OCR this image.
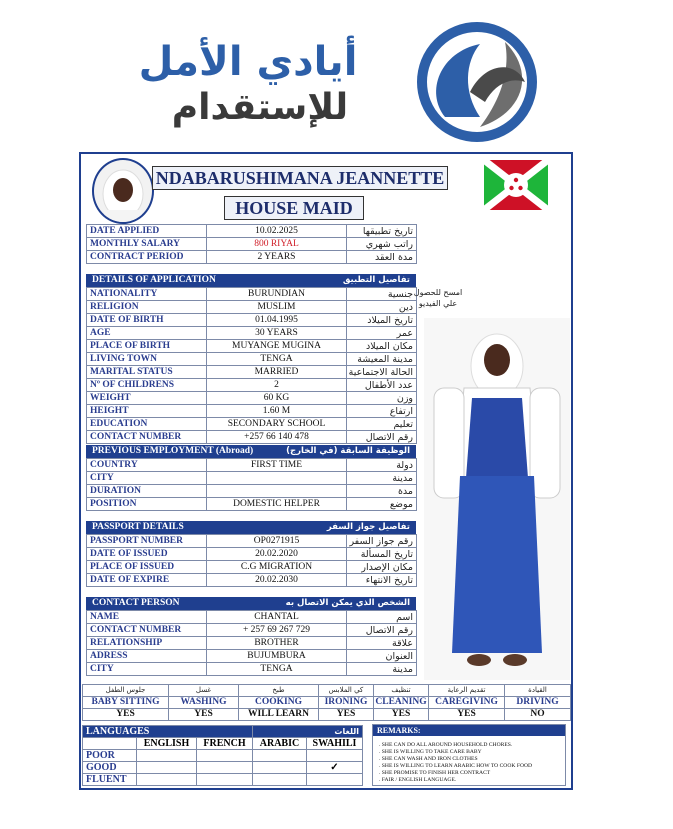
أيادي الأمل
للإستقدام
NDABARUSHIMANA JEANNETTE
HOUSE MAID
DATE APPLIED	10.02.2025	تاريخ تطبيقها
MONTHLY SALARY	800 RIYAL	راتب شهري
CONTRACT PERIOD	2 YEARS	مدة العقد
DETAILS OF APPLICATION	تفاصيل التطبيق
NATIONALITY	BURUNDIAN	جنسية
RELIGION	MUSLIM	دين
DATE OF BIRTH	01.04.1995	تاريخ الميلاد
AGE	30 YEARS	عمر
PLACE OF BIRTH	MUYANGE MUGINA	مكان الميلاد
LIVING TOWN	TENGA	مدينة المعيشة
MARITAL STATUS	MARRIED	الحالة الاجتماعية
Nº OF CHILDRENS	2	عدد الأطفال
WEIGHT	60 KG	وزن
HEIGHT	1.60 M	ارتفاع
EDUCATION	SECONDARY SCHOOL	تعليم
CONTACT NUMBER	+257 66 140 478	رقم الاتصال
امسح للحصول علي الفيديو
PREVIOUS EMPLOYMENT (Abroad)	الوظيفة السابقة (في الخارج)
COUNTRY	FIRST TIME	دولة
CITY		مدينة
DURATION		مدة
POSITION	DOMESTIC HELPER	موضع
PASSPORT DETAILS	تفاصيل جواز السفر
PASSPORT NUMBER	OP0271915	رقم جواز السفر
DATE OF ISSUED	20.02.2020	تاريخ المسألة
PLACE OF ISSUED	C.G MIGRATION	مكان الإصدار
DATE OF EXPIRE	20.02.2030	تاريخ الانتهاء
CONTACT PERSON	الشخص الذي يمكن الاتصال به
NAME	CHANTAL	اسم
CONTACT NUMBER	+ 257 69 267 729	رقم الاتصال
RELATIONSHIP	BROTHER	علاقة
ADRESS	BUJUMBURA	العنوان
CITY	TENGA	مدينة
جلوس الطفل	غسل	طبخ	كي الملابس	تنظيف	تقديم الرعاية	القيادة
BABY SITTING	WASHING	COOKING	IRONING	CLEANING	CAREGIVING	DRIVING
YES	YES	WILL LEARN	YES	YES	YES	NO
LANGUAGES			اللغات	
	ENGLISH	FRENCH	ARABIC	SWAHILI
POOR				
GOOD				✓
FLUENT				
REMARKS:
. SHE CAN DO ALL AROUND HOUSEHOLD CHORES.
. SHE IS WILLING TO TAKE CARE BABY
. SHE CAN WASH AND IRON CLOTHES
. SHE IS WILLING TO LEARN ARABIC HOW TO COOK FOOD
. SHE PROMISE TO FINISH HER CONTRACT
. FAIR / ENGLISH LANGUAGE.
